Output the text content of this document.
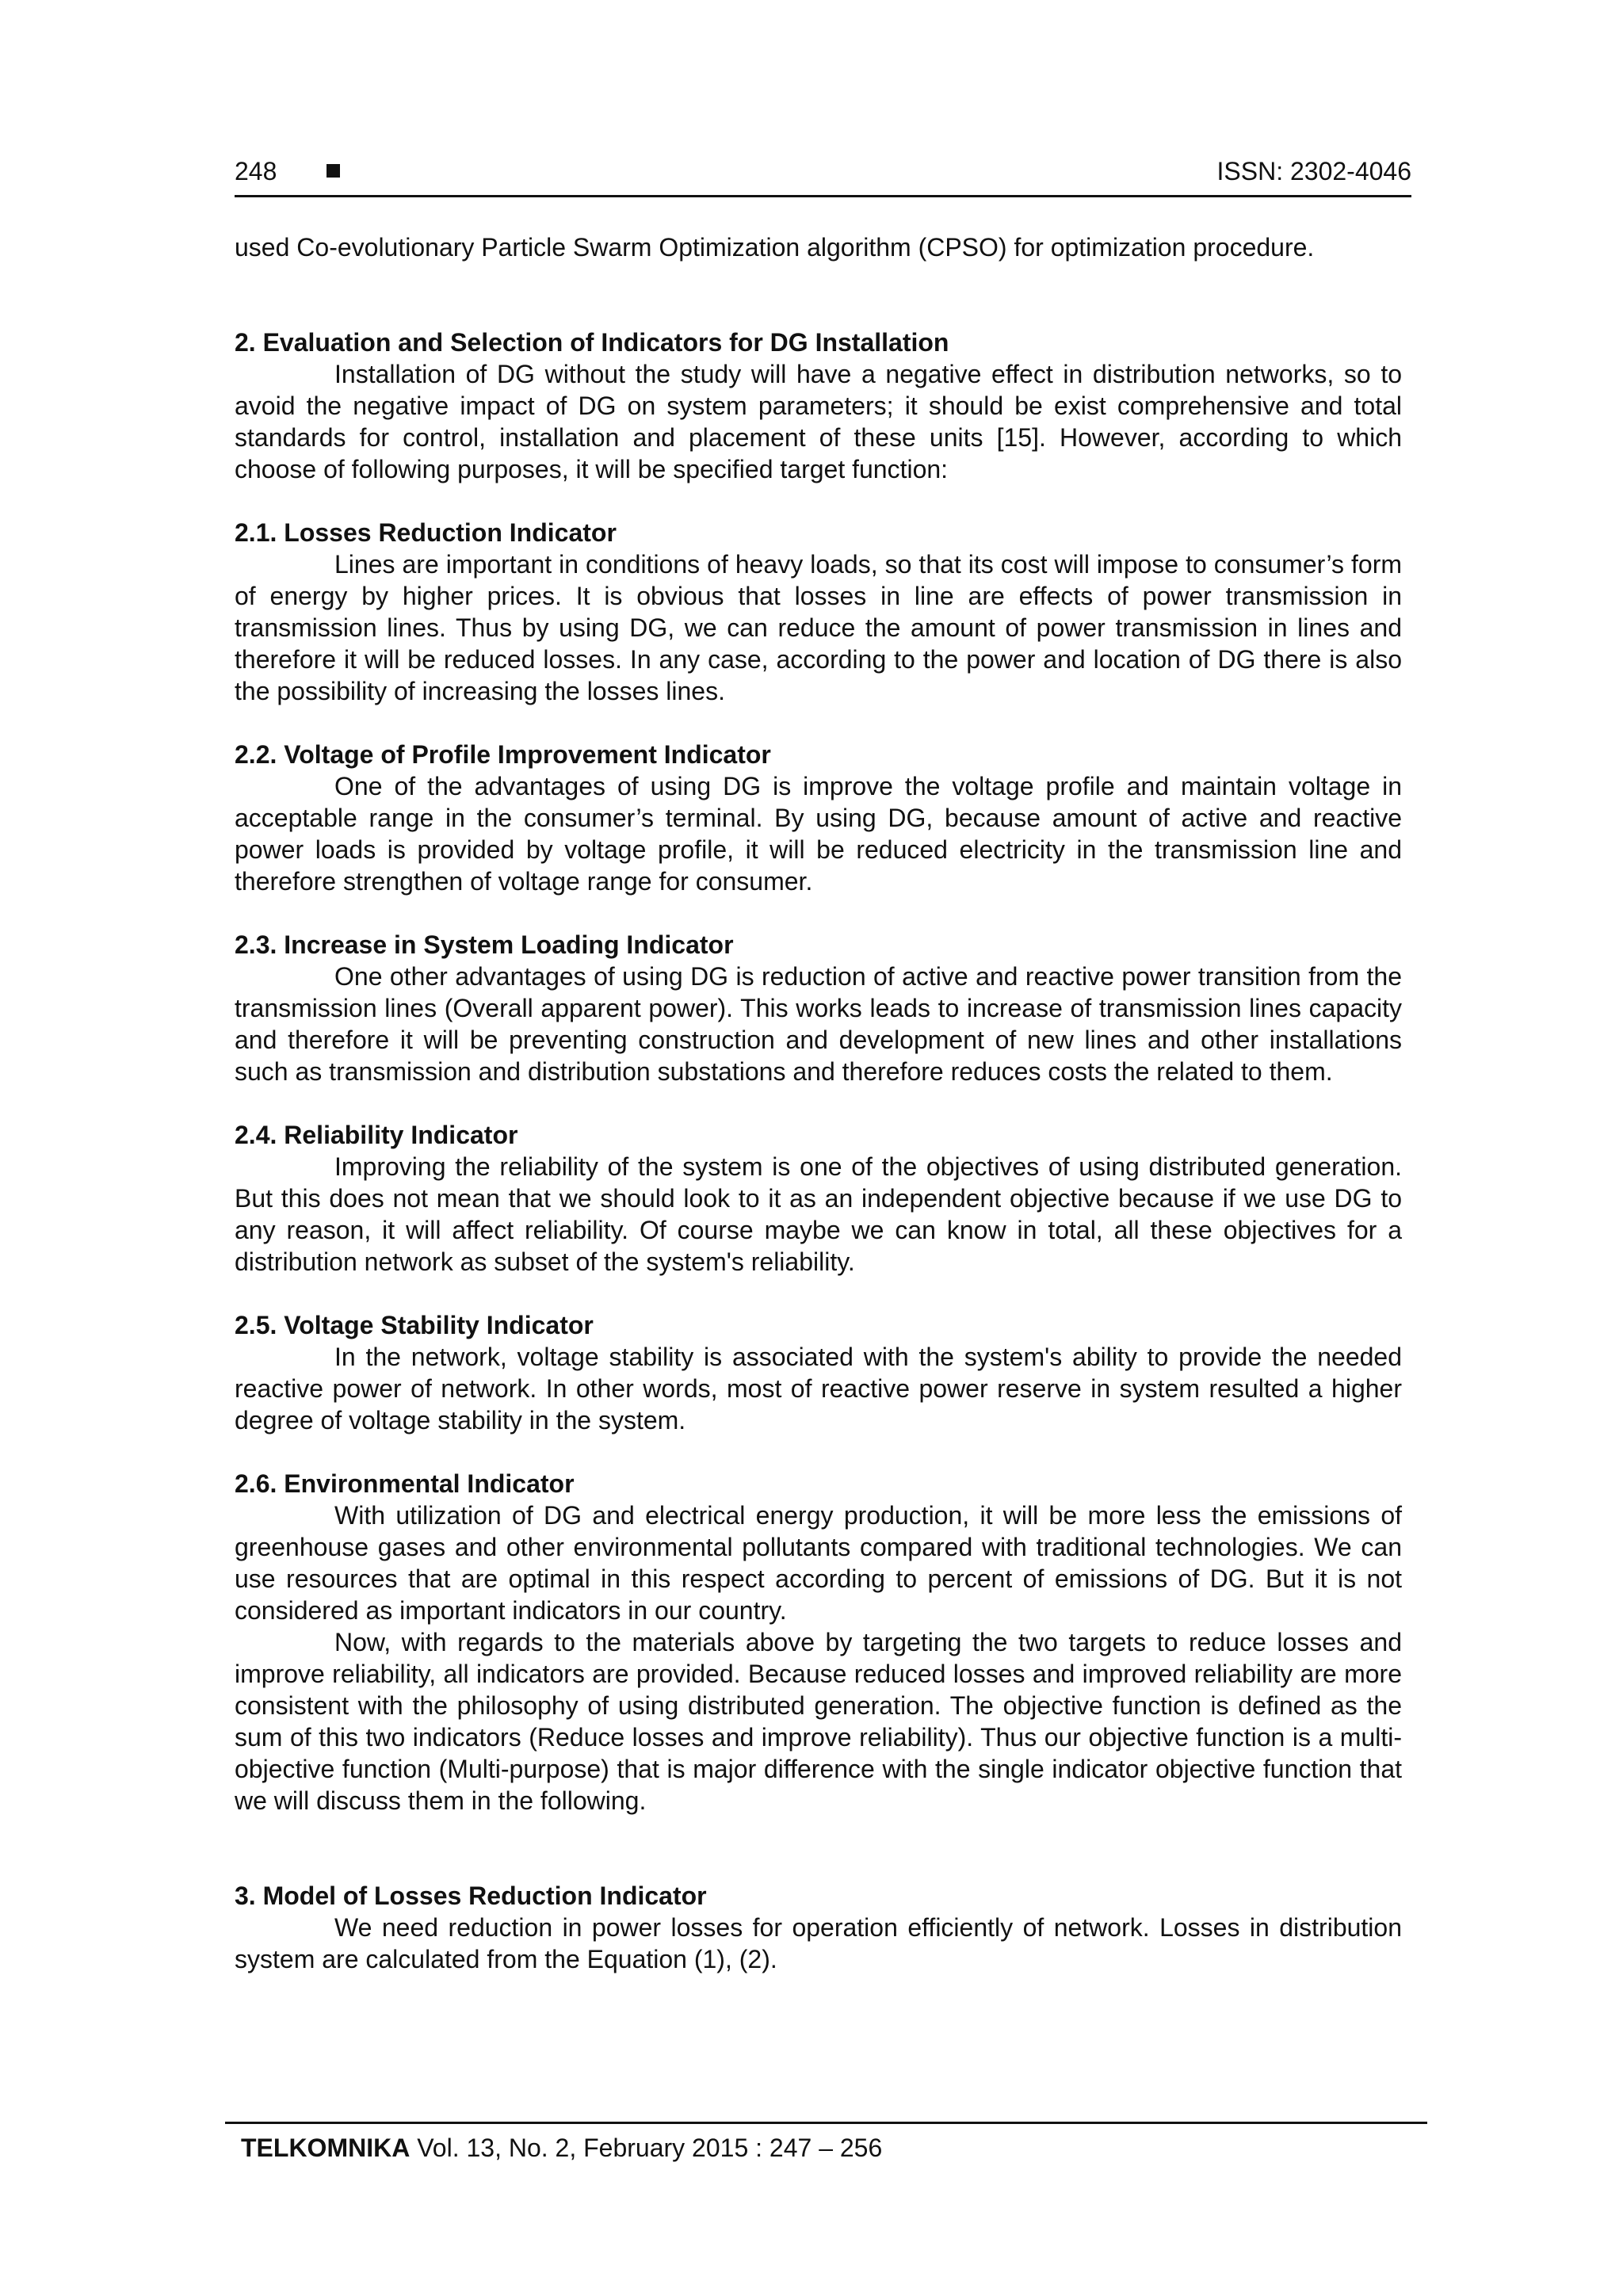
248	ISSN: 2302-4046

used Co-evolutionary Particle Swarm Optimization algorithm (CPSO) for optimization procedure.

2. Evaluation and Selection of Indicators for DG Installation

Installation of DG without the study will have a negative effect in distribution networks, so to avoid the negative impact of DG on system parameters; it should be exist comprehensive and total standards for control, installation and placement of these units [15]. However, according to which choose of following purposes, it will be specified target function:

2.1. Losses Reduction Indicator

Lines are important in conditions of heavy loads, so that its cost will impose to consumer’s form of energy by higher prices. It is obvious that losses in line are effects of power transmission in transmission lines. Thus by using DG, we can reduce the amount of power transmission in lines and therefore it will be reduced losses. In any case, according to the power and location of DG there is also the possibility of increasing the losses lines.

2.2. Voltage of Profile Improvement Indicator

One of the advantages of using DG is improve the voltage profile and maintain voltage in acceptable range in the consumer’s terminal. By using DG, because amount of active and reactive power loads is provided by voltage profile, it will be reduced electricity in the transmission line and therefore strengthen of voltage range for consumer.

2.3. Increase in System Loading Indicator

One other advantages of using DG is reduction of active and reactive power transition from the transmission lines (Overall apparent power). This works leads to increase of transmission lines capacity and therefore it will be preventing construction and development of new lines and other installations such as transmission and distribution substations and therefore reduces costs the related to them.

2.4. Reliability Indicator

Improving the reliability of the system is one of the objectives of using distributed generation. But this does not mean that we should look to it as an independent objective because if we use DG to any reason, it will affect reliability. Of course maybe we can know in total, all these objectives for a distribution network as subset of the system's reliability.

2.5. Voltage Stability Indicator

In the network, voltage stability is associated with the system's ability to provide the needed reactive power of network. In other words, most of reactive power reserve in system resulted a higher degree of voltage stability in the system.

2.6. Environmental Indicator

With utilization of DG and electrical energy production, it will be more less the emissions of greenhouse gases and other environmental pollutants compared with traditional technologies. We can use resources that are optimal in this respect according to percent of emissions of DG. But it is not considered as important indicators in our country.

Now, with regards to the materials above by targeting the two targets to reduce losses and improve reliability, all indicators are provided. Because reduced losses and improved reliability are more consistent with the philosophy of using distributed generation. The objective function is defined as the sum of this two indicators (Reduce losses and improve reliability). Thus our objective function is a multi-objective function (Multi-purpose) that is major difference with the single indicator objective function that we will discuss them in the following.

3. Model of Losses Reduction Indicator

We need reduction in power losses for operation efficiently of network. Losses in distribution system are calculated from the Equation (1), (2).

TELKOMNIKA Vol. 13, No. 2, February 2015 : 247 – 256
